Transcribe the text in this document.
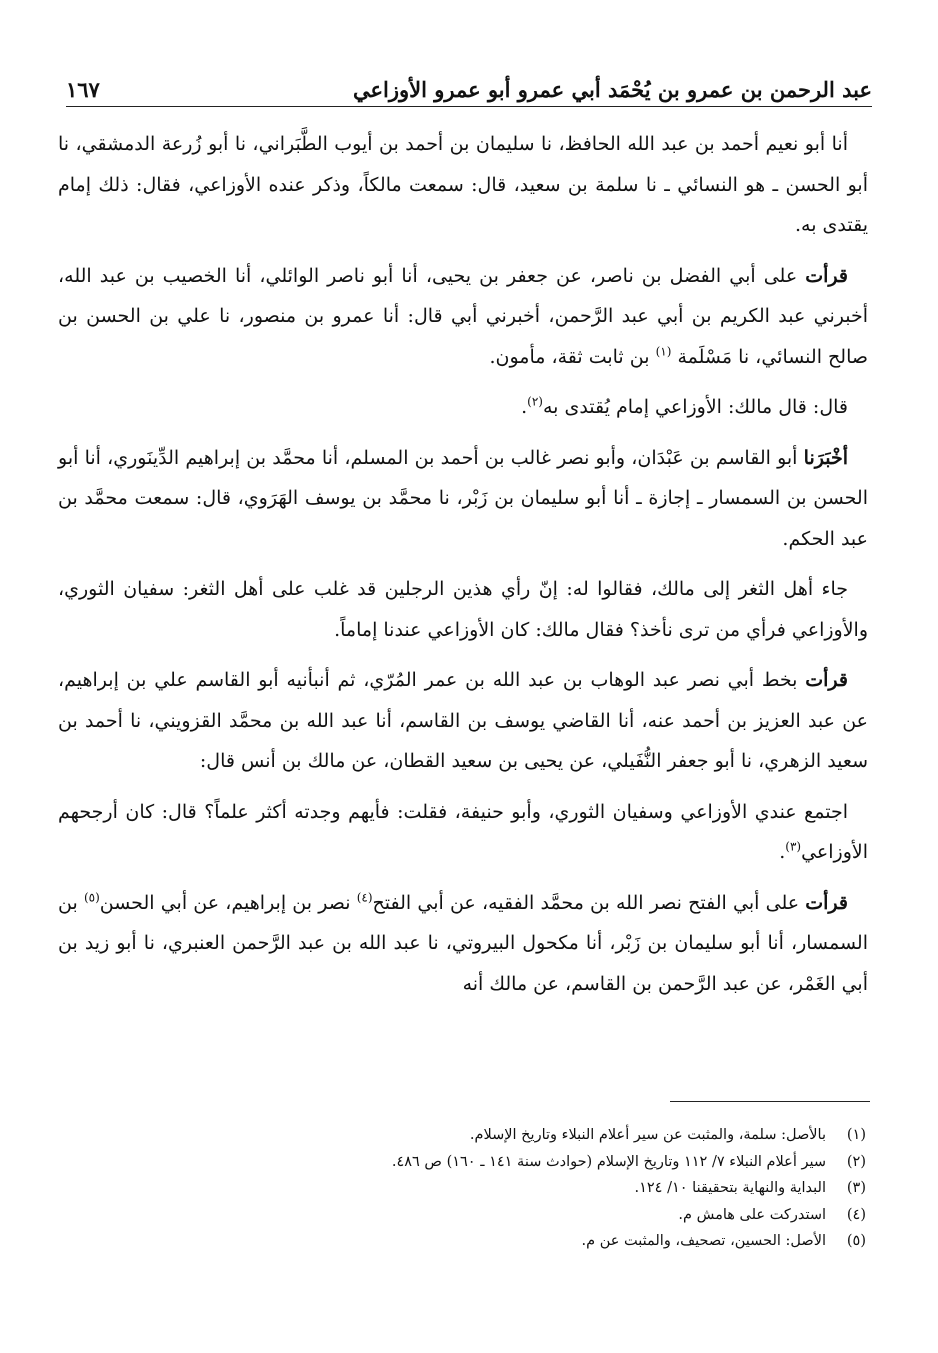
عبد الرحمن بن عمرو بن يُحْمَد أبي عمرو أبو عمرو الأوزاعي
١٦٧

أنا أبو نعيم أحمد بن عبد الله الحافظ، نا سليمان بن أحمد بن أيوب الطَّبَراني، نا أبو زُرعة الدمشقي، نا أبو الحسن ـ هو النسائي ـ نا سلمة بن سعيد، قال: سمعت مالكاً، وذكر عنده الأوزاعي، فقال: ذلك إمام يقتدى به.

قرأت على أبي الفضل بن ناصر، عن جعفر بن يحيى، أنا أبو ناصر الوائلي، أنا الخصيب بن عبد الله، أخبرني عبد الكريم بن أبي عبد الرَّحمن، أخبرني أبي قال: أنا عمرو بن منصور، نا علي بن الحسن بن صالح النسائي، نا مَسْلَمة $^{(١)}$ بن ثابت ثقة، مأمون.

قال: قال مالك: الأوزاعي إمام يُقتدى به$^{(٢)}$.

أخْبَرَنا أبو القاسم بن عَبْدَان، وأبو نصر غالب بن أحمد بن المسلم، أنا محمَّد بن إبراهيم الدِّينَوري، أنا أبو الحسن بن السمسار ـ إجازة ـ أنا أبو سليمان بن زَبْر، نا محمَّد بن يوسف الهَرَوي، قال: سمعت محمَّد بن عبد الحكم.

جاء أهل الثغر إلى مالك، فقالوا له: إنّ رأي هذين الرجلين قد غلب على أهل الثغر: سفيان الثوري، والأوزاعي فرأي من ترى نأخذ؟ فقال مالك: كان الأوزاعي عندنا إماماً.

قرأت بخط أبي نصر عبد الوهاب بن عبد الله بن عمر المُرّي، ثم أنبأنيه أبو القاسم علي بن إبراهيم، عن عبد العزيز بن أحمد عنه، أنا القاضي يوسف بن القاسم، أنا عبد الله بن محمَّد القزويني، نا أحمد بن سعيد الزهري، نا أبو جعفر النُّفَيلي، عن يحيى بن سعيد القطان، عن مالك بن أنس قال:

اجتمع عندي الأوزاعي وسفيان الثوري، وأبو حنيفة، فقلت: فأيهم وجدته أكثر علماً؟ قال: كان أرجحهم الأوزاعي$^{(٣)}$.

قرأت على أبي الفتح نصر الله بن محمَّد الفقيه، عن أبي الفتح$^{(٤)}$ نصر بن إبراهيم، عن أبي الحسن$^{(٥)}$ بن السمسار، أنا أبو سليمان بن زَبْر، أنا مكحول البيروتي، نا عبد الله بن عبد الرَّحمن العنبري، نا أبو زيد بن أبي الغَمْر، عن عبد الرَّحمن بن القاسم، عن مالك أنه

(١)
بالأصل: سلمة، والمثبت عن سير أعلام النبلاء وتاريخ الإسلام.
(٢)
سير أعلام النبلاء ٧/ ١١٢ وتاريخ الإسلام (حوادث سنة ١٤١ ـ ١٦٠) ص ٤٨٦.
(٣)
البداية والنهاية بتحقيقنا ١٠/ ١٢٤.
(٤)
استدركت على هامش م.
(٥)
الأصل: الحسين، تصحيف، والمثبت عن م.
